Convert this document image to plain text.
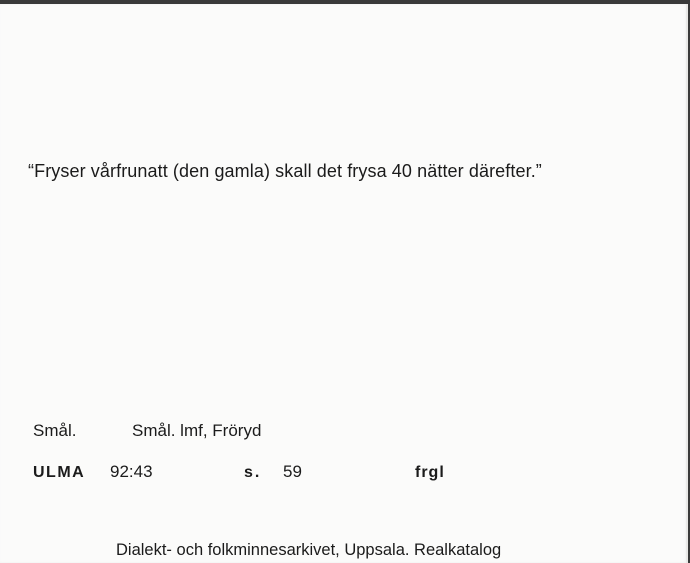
“Fryser vårfrunatt (den gamla) skall det frysa 40 nätter därefter.”
Smål.	Smål. lmf, Fröryd
ULMA 92:43	s. 59	frgl
Dialekt- och folkminnesarkivet, Uppsala. Realkatalog
